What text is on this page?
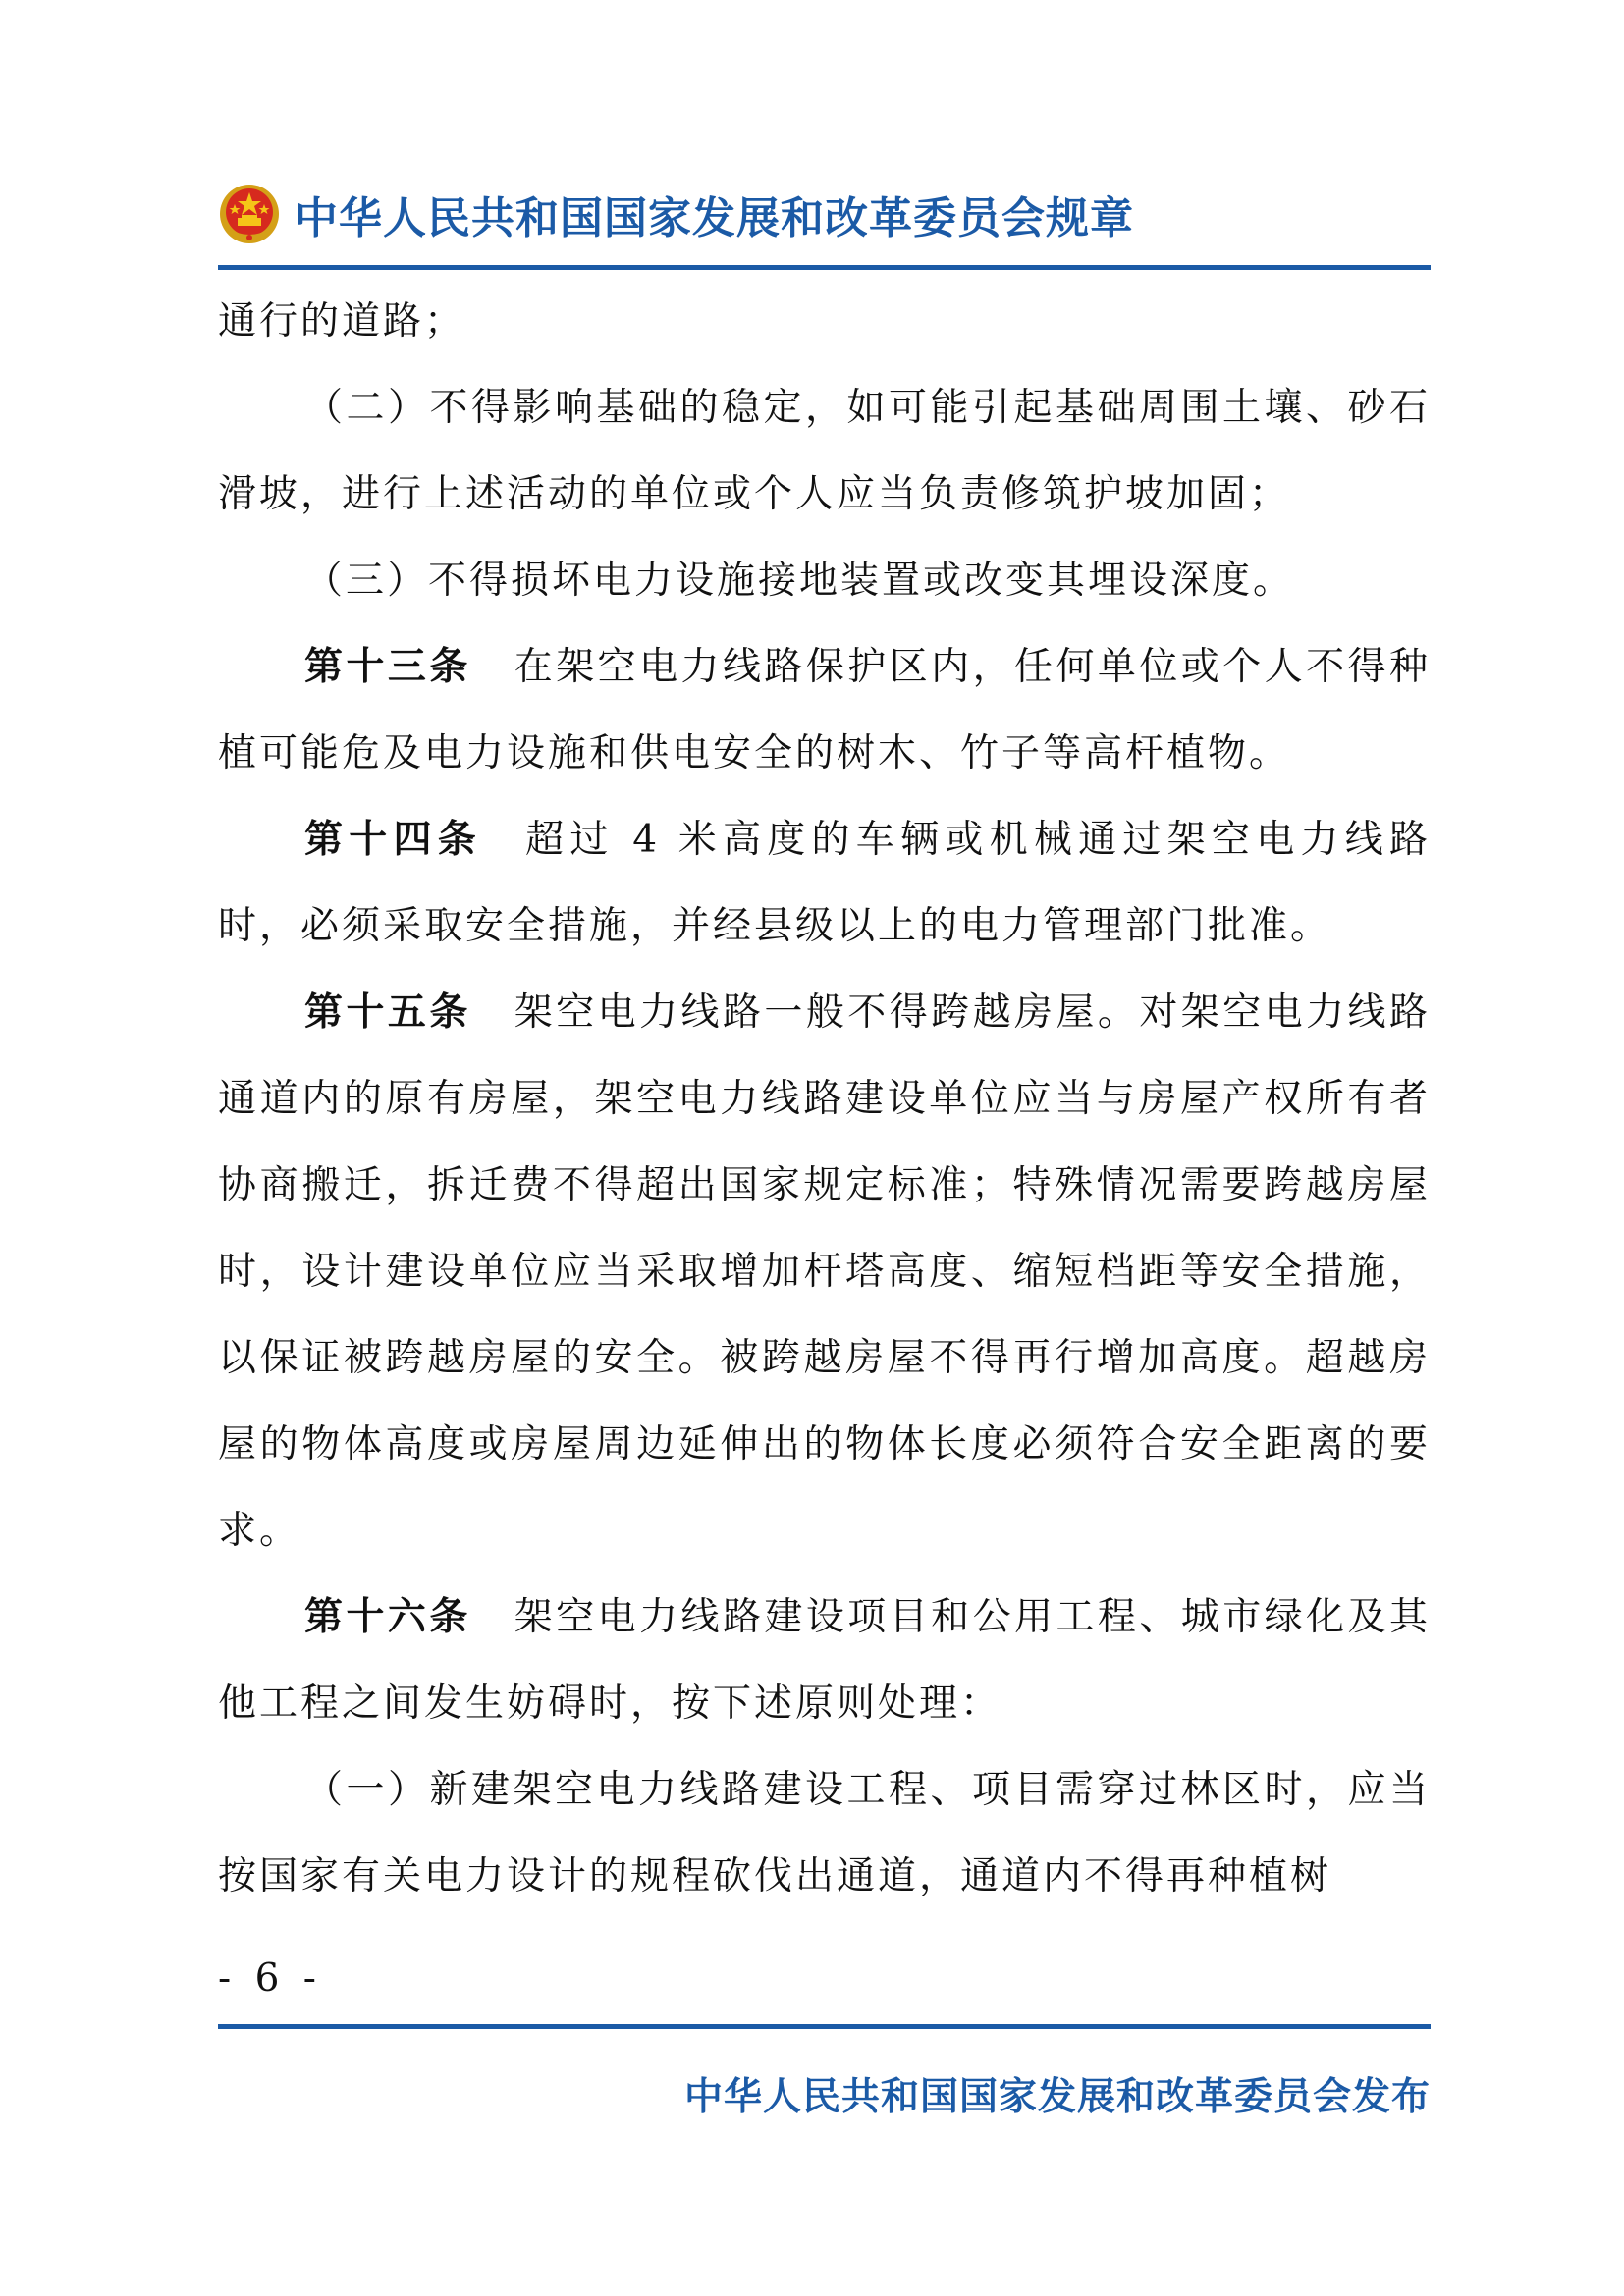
中华人民共和国国家发展和改革委员会规章

通行的道路；

（二）不得影响基础的稳定，如可能引起基础周围土壤、砂石滑坡，进行上述活动的单位或个人应当负责修筑护坡加固；

（三）不得损坏电力设施接地装置或改变其埋设深度。

第十三条 在架空电力线路保护区内，任何单位或个人不得种植可能危及电力设施和供电安全的树木、竹子等高杆植物。

第十四条 超过 4 米高度的车辆或机械通过架空电力线路时，必须采取安全措施，并经县级以上的电力管理部门批准。

第十五条 架空电力线路一般不得跨越房屋。对架空电力线路通道内的原有房屋，架空电力线路建设单位应当与房屋产权所有者协商搬迁，拆迁费不得超出国家规定标准；特殊情况需要跨越房屋时，设计建设单位应当采取增加杆塔高度、缩短档距等安全措施，以保证被跨越房屋的安全。被跨越房屋不得再行增加高度。超越房屋的物体高度或房屋周边延伸出的物体长度必须符合安全距离的要求。

第十六条 架空电力线路建设项目和公用工程、城市绿化及其他工程之间发生妨碍时，按下述原则处理：

（一）新建架空电力线路建设工程、项目需穿过林区时，应当按国家有关电力设计的规程砍伐出通道，通道内不得再种植树

- 6 -
中华人民共和国国家发展和改革委员会发布
